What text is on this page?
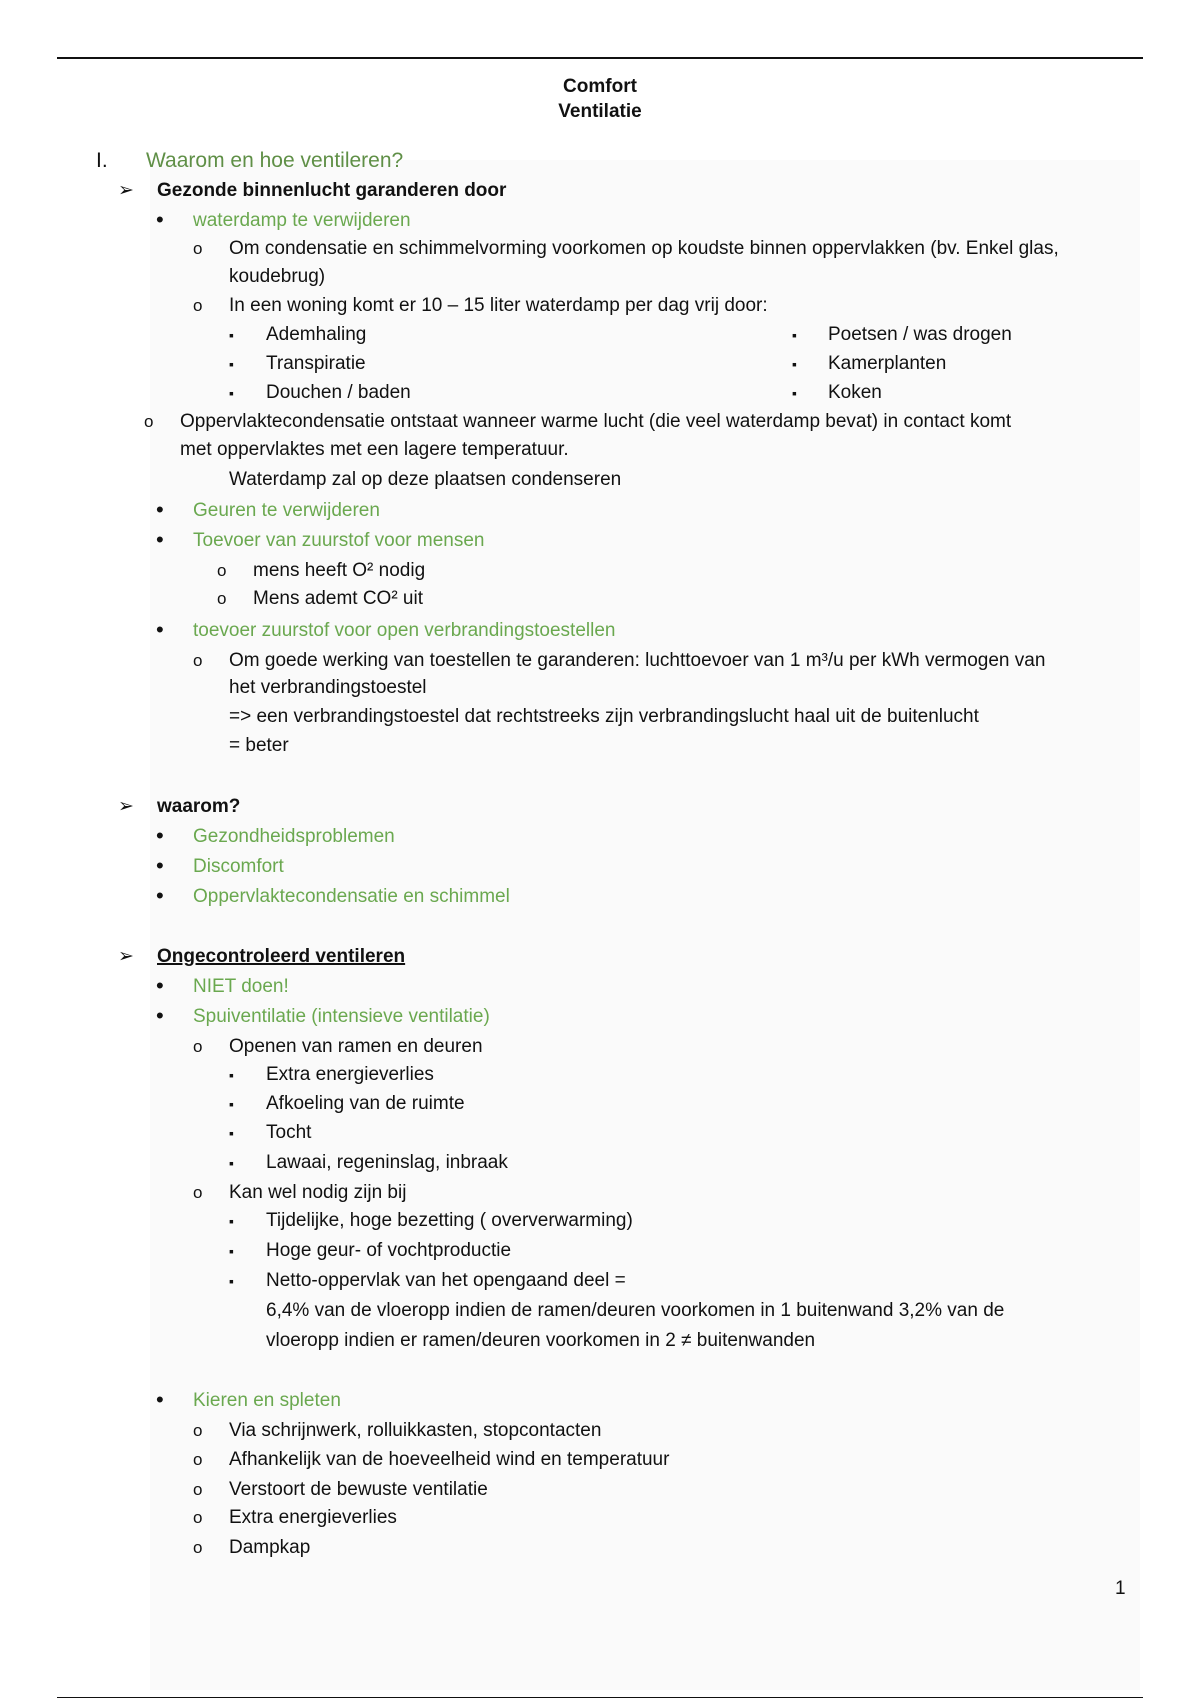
Comfort
Ventilatie
I. Waarom en hoe ventileren?
➢ Gezonde binnenlucht garanderen door
• waterdamp te verwijderen
o Om condensatie en schimmelvorming voorkomen op koudste binnen oppervlakken (bv. Enkel glas,
koudebrug)
o In een woning komt er 10 – 15 liter waterdamp per dag vrij door:
▪ Ademhaling	▪ Poetsen / was drogen
▪ Transpiratie	▪ Kamerplanten
▪ Douchen / baden	▪ Koken
o Oppervlaktecondensatie ontstaat wanneer warme lucht (die veel waterdamp bevat) in contact komt
met oppervlaktes met een lagere temperatuur.
Waterdamp zal op deze plaatsen condenseren
• Geuren te verwijderen
• Toevoer van zuurstof voor mensen
o mens heeft O² nodig
o Mens ademt CO² uit
• toevoer zuurstof voor open verbrandingstoestellen
o Om goede werking van toestellen te garanderen: luchttoevoer van 1 m³/u per kWh vermogen van
het verbrandingstoestel
=> een verbrandingstoestel dat rechtstreeks zijn verbrandingslucht haal uit de buitenlucht
= beter
➢ waarom?
• Gezondheidsproblemen
• Discomfort
• Oppervlaktecondensatie en schimmel
➢ Ongecontroleerd ventileren
• NIET doen!
• Spuiventilatie (intensieve ventilatie)
o Openen van ramen en deuren
▪ Extra energieverlies
▪ Afkoeling van de ruimte
▪ Tocht
▪ Lawaai, regeninslag, inbraak
o Kan wel nodig zijn bij
▪ Tijdelijke, hoge bezetting ( oververwarming)
▪ Hoge geur- of vochtproductie
▪ Netto-oppervlak van het opengaand deel =
6,4% van de vloeropp indien de ramen/deuren voorkomen in 1 buitenwand 3,2% van de
vloeropp indien er ramen/deuren voorkomen in 2 ≠ buitenwanden
• Kieren en spleten
o Via schrijnwerk, rolluikkasten, stopcontacten
o Afhankelijk van de hoeveelheid wind en temperatuur
o Verstoort de bewuste ventilatie
o Extra energieverlies
o Dampkap
1
